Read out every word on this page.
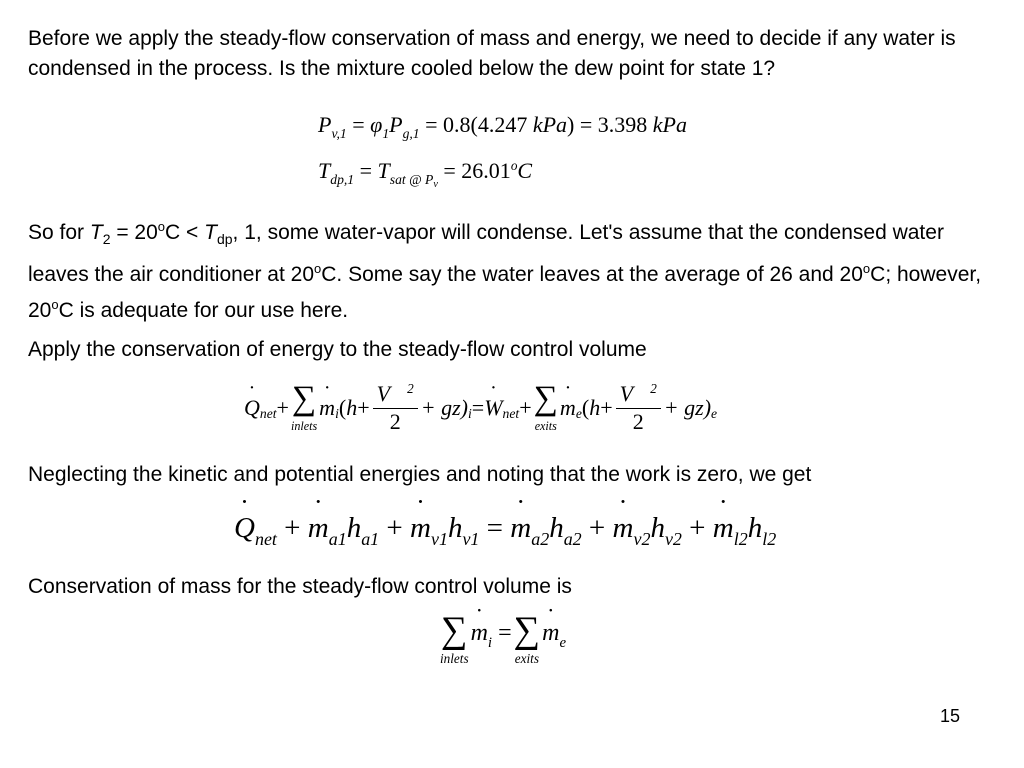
Before we apply the steady-flow conservation of mass and energy, we need to decide if any water is condensed in the process. Is the mixture cooled below the dew point for state 1?

$P_{v,1} = \varphi_1P_{g,1} = 0.8(4.247$ kPa) = 3.398 kPa
$T_{dp,1} = T_{sat @ P_v} = 26.01^oC$

So for $T_2 = 20^oC < T_{dp}$, 1, some water-vapor will condense. Let's assume that the condensed water leaves the air conditioner at 20$^o$C. Some say the water leaves at the average of 26 and 20$^o$C; however, 20$^o$C is adequate for our use here.

Apply the conservation of energy to the steady-flow control volume

˙ Q net + ∑
inlets
˙ m i ( $h + \frac{V⃗^2}{2} + gz$) i =
˙ W net + ∑
exits
˙ m e ( $h + \frac{V⃗^2}{2} + gz$) e

Neglecting the kinetic and potential energies and noting that the work is zero, we get

˙ $Q_{net}$ + ˙ $m_{a1}h_{a1}$ + ˙ $m_{v1}h_{v1}$ = ˙ $m_{a2}h_{a2}$ + ˙ $m_{v2}h_{v2}$ + ˙ $m_{l2}h_{l2}$

Conservation of mass for the steady-flow control volume is

∑
inlets
˙ $m_i$ = ∑
exits
˙ $m_e$
15
